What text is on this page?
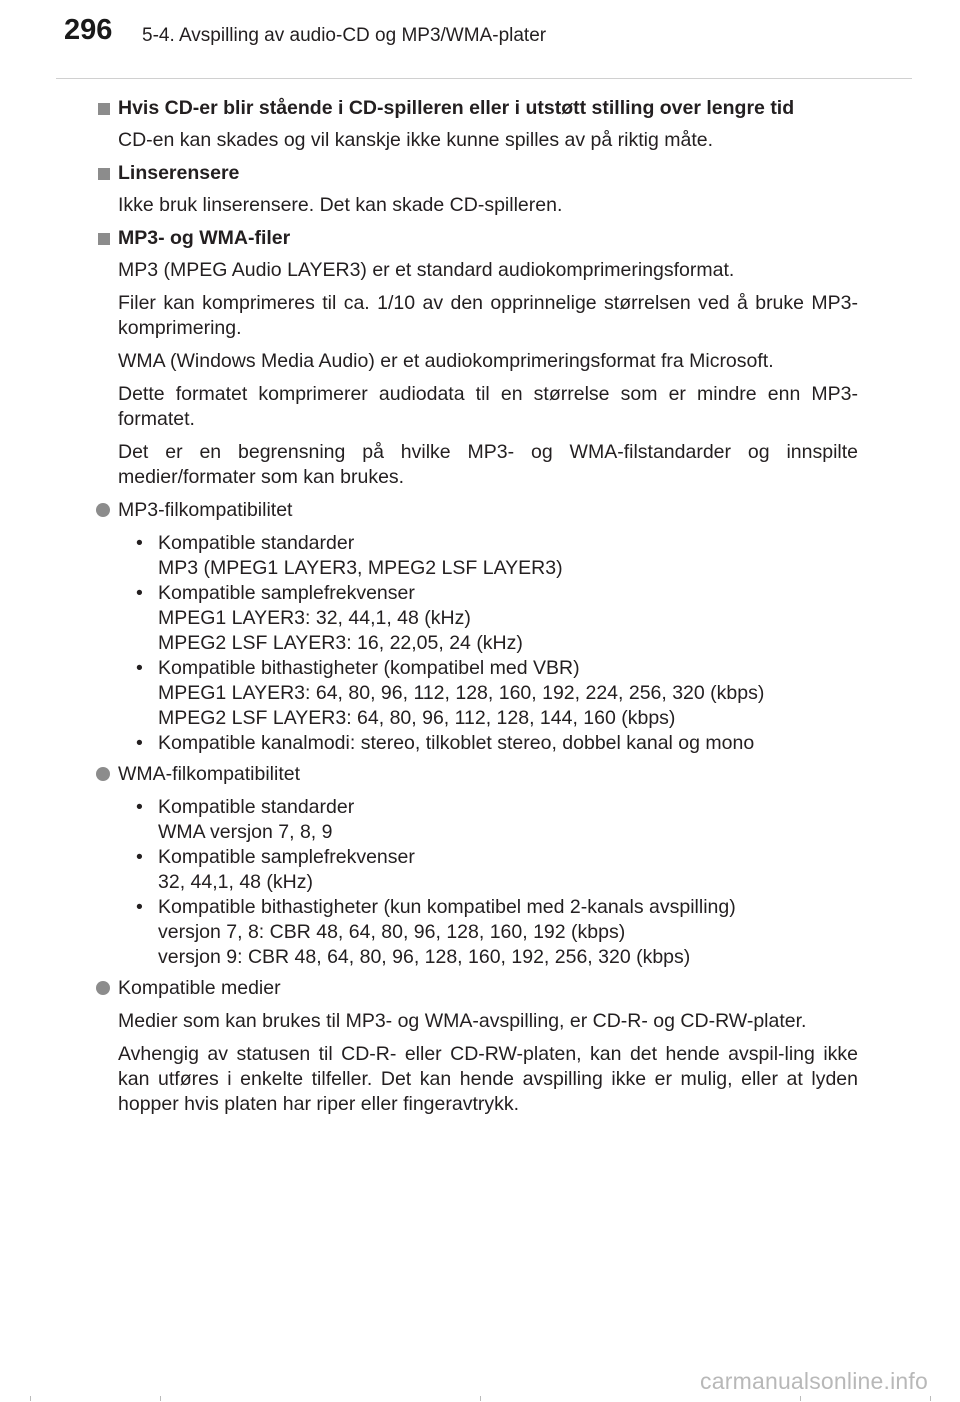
296 5-4. Avspilling av audio-CD og MP3/WMA-plater
Hvis CD-er blir stående i CD-spilleren eller i utstøtt stilling over lengre tid

CD-en kan skades og vil kanskje ikke kunne spilles av på riktig måte.

Linserensere

Ikke bruk linserensere. Det kan skade CD-spilleren.

MP3- og WMA-filer

MP3 (MPEG Audio LAYER3) er et standard audiokomprimeringsformat.

Filer kan komprimeres til ca. 1/10 av den opprinnelige størrelsen ved å bruke MP3-komprimering.

WMA (Windows Media Audio) er et audiokomprimeringsformat fra Microsoft.

Dette formatet komprimerer audiodata til en størrelse som er mindre enn MP3-formatet.

Det er en begrensning på hvilke MP3- og WMA-filstandarder og innspilte medier/formater som kan brukes.

MP3-filkompatibilitet
• Kompatible standarder
MP3 (MPEG1 LAYER3, MPEG2 LSF LAYER3)
• Kompatible samplefrekvenser
MPEG1 LAYER3: 32, 44,1, 48 (kHz)
MPEG2 LSF LAYER3: 16, 22,05, 24 (kHz)
• Kompatible bithastigheter (kompatibel med VBR)
MPEG1 LAYER3: 64, 80, 96, 112, 128, 160, 192, 224, 256, 320 (kbps)
MPEG2 LSF LAYER3: 64, 80, 96, 112, 128, 144, 160 (kbps)
• Kompatible kanalmodi: stereo, tilkoblet stereo, dobbel kanal og mono
WMA-filkompatibilitet
• Kompatible standarder
WMA versjon 7, 8, 9
• Kompatible samplefrekvenser
32, 44,1, 48 (kHz)
• Kompatible bithastigheter (kun kompatibel med 2-kanals avspilling)
versjon 7, 8: CBR 48, 64, 80, 96, 128, 160, 192 (kbps)
versjon 9: CBR 48, 64, 80, 96, 128, 160, 192, 256, 320 (kbps)
Kompatible medier

Medier som kan brukes til MP3- og WMA-avspilling, er CD-R- og CD-RW-plater.

Avhengig av statusen til CD-R- eller CD-RW-platen, kan det hende avspil-ling ikke kan utføres i enkelte tilfeller. Det kan hende avspilling ikke er mulig, eller at lyden hopper hvis platen har riper eller fingeravtrykk.

carmanualsonline.info
